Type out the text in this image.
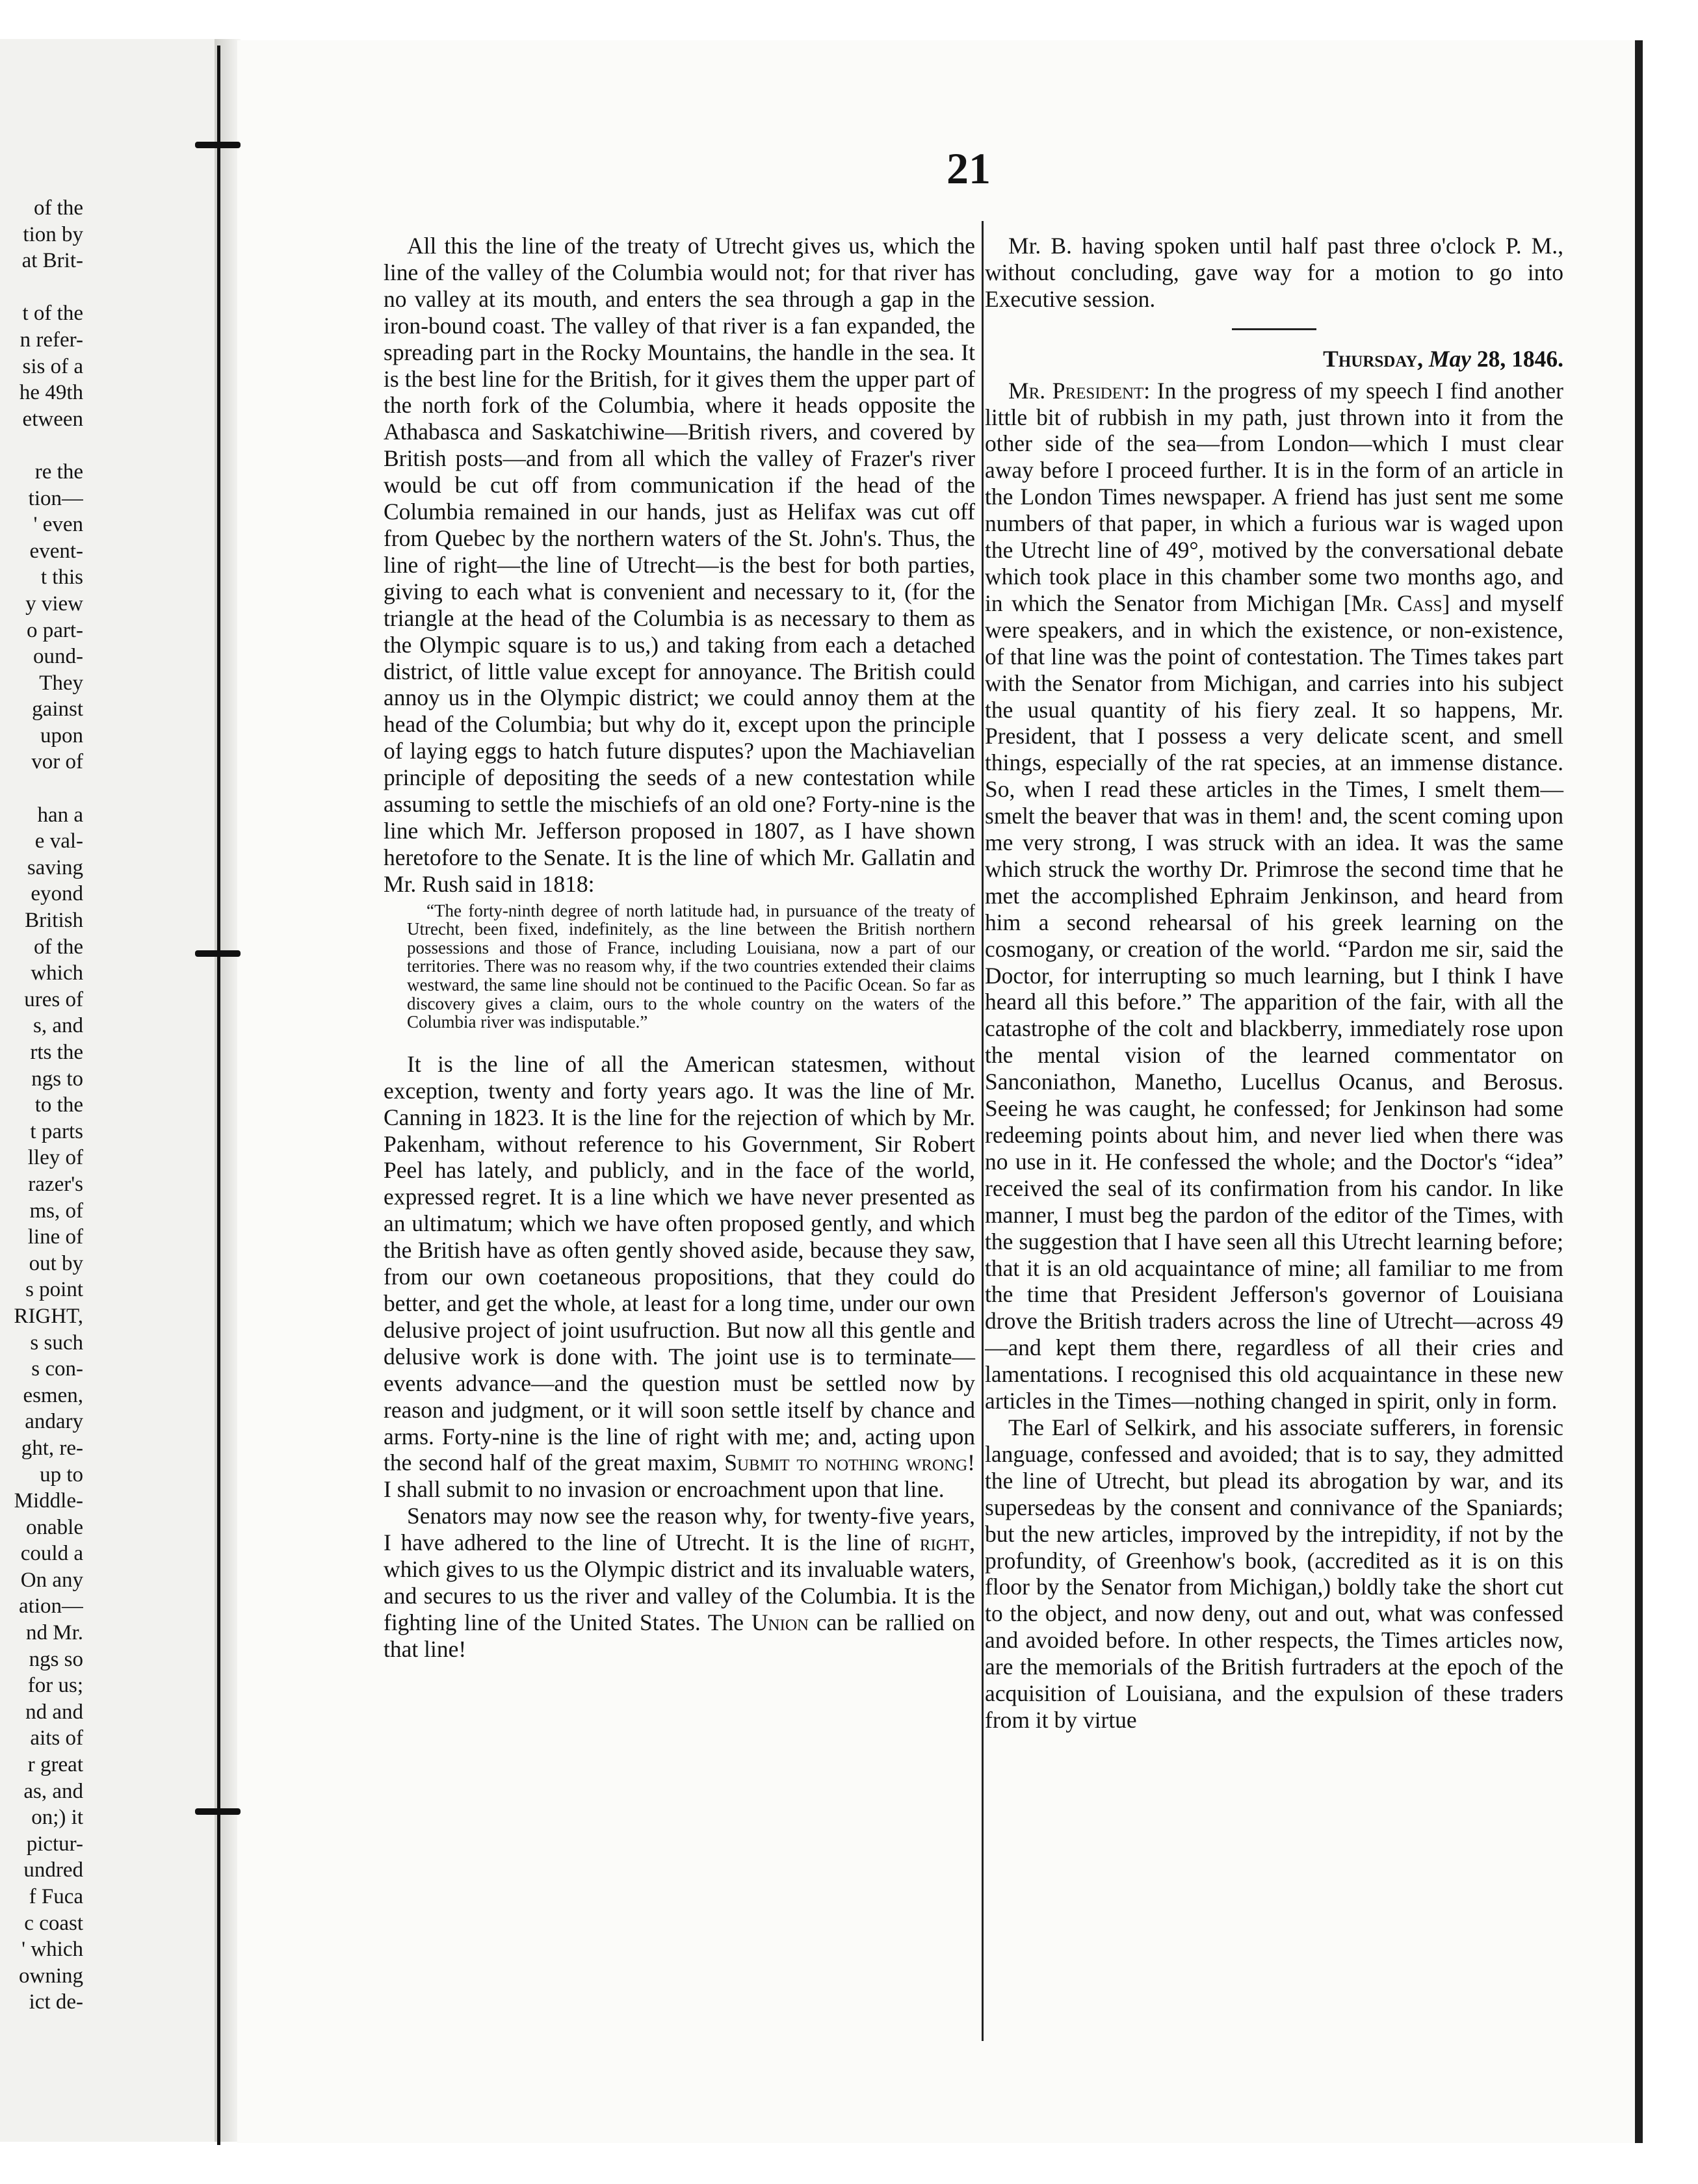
of the
tion by
at Brit-
t of the
n refer-
sis of a
he 49th
etween
re the
tion—
' even
event-
t this
y view
o part-
ound-
They
gainst
upon
vor of
han a
e val-
saving
eyond
British
of the
which
ures of
s, and
rts the
ngs to
to the
t parts
lley of
razer's
ms, of
line of
out by
s point
RIGHT,
s such
s con-
esmen,
andary
ght, re-
up to
Middle-
onable
could a
On any
ation—
nd Mr.
ngs so
for us;
nd and
aits of
r great
as, and
on;) it
pictur-
undred
f Fuca
c coast
' which
owning
ict de-
21

All this the line of the treaty of Utrecht gives us, which the line of the valley of the Columbia would not; for that river has no valley at its mouth, and enters the sea through a gap in the iron-bound coast. The valley of that river is a fan expanded, the spreading part in the Rocky Mountains, the handle in the sea. It is the best line for the British, for it gives them the upper part of the north fork of the Columbia, where it heads opposite the Athabasca and Saskatchiwine—British rivers, and covered by British posts—and from all which the valley of Frazer's river would be cut off from communication if the head of the Columbia remained in our hands, just as Helifax was cut off from Quebec by the northern waters of the St. John's. Thus, the line of right—the line of Utrecht—is the best for both parties, giving to each what is convenient and necessary to it, (for the triangle at the head of the Columbia is as necessary to them as the Olympic square is to us,) and taking from each a detached district, of little value except for annoyance. The British could annoy us in the Olympic district; we could annoy them at the head of the Columbia; but why do it, except upon the principle of laying eggs to hatch future disputes? upon the Machiavelian principle of depositing the seeds of a new contestation while assuming to settle the mischiefs of an old one? Forty-nine is the line which Mr. Jefferson proposed in 1807, as I have shown heretofore to the Senate. It is the line of which Mr. Gallatin and Mr. Rush said in 1818:

“The forty-ninth degree of north latitude had, in pursuance of the treaty of Utrecht, been fixed, indefinitely, as the line between the British northern possessions and those of France, including Louisiana, now a part of our territories. There was no reasom why, if the two countries extended their claims westward, the same line should not be continued to the Pacific Ocean. So far as discovery gives a claim, ours to the whole country on the waters of the Columbia river was indisputable.”

It is the line of all the American statesmen, without exception, twenty and forty years ago. It was the line of Mr. Canning in 1823. It is the line for the rejection of which by Mr. Pakenham, without reference to his Government, Sir Robert Peel has lately, and publicly, and in the face of the world, expressed regret. It is a line which we have never presented as an ultimatum; which we have often proposed gently, and which the British have as often gently shoved aside, because they saw, from our own coetaneous propositions, that they could do better, and get the whole, at least for a long time, under our own delusive project of joint usufruction. But now all this gentle and delusive work is done with. The joint use is to terminate—events advance—and the question must be settled now by reason and judgment, or it will soon settle itself by chance and arms. Forty-nine is the line of right with me; and, acting upon the second half of the great maxim, Submit to nothing wrong! I shall submit to no invasion or encroachment upon that line.

Senators may now see the reason why, for twenty-five years, I have adhered to the line of Utrecht. It is the line of right, which gives to us the Olympic district and its invaluable waters, and secures to us the river and valley of the Columbia. It is the fighting line of the United States. The Union can be rallied on that line!

Mr. B. having spoken until half past three o'clock P. M., without concluding, gave way for a motion to go into Executive session.

Thursday, May 28, 1846.

Mr. President: In the progress of my speech I find another little bit of rubbish in my path, just thrown into it from the other side of the sea—from London—which I must clear away before I proceed further. It is in the form of an article in the London Times newspaper. A friend has just sent me some numbers of that paper, in which a furious war is waged upon the Utrecht line of 49°, motived by the conversational debate which took place in this chamber some two months ago, and in which the Senator from Michigan [Mr. Cass] and myself were speakers, and in which the existence, or non-existence, of that line was the point of contestation. The Times takes part with the Senator from Michigan, and carries into his subject the usual quantity of his fiery zeal. It so happens, Mr. President, that I possess a very delicate scent, and smell things, especially of the rat species, at an immense distance. So, when I read these articles in the Times, I smelt them—smelt the beaver that was in them! and, the scent coming upon me very strong, I was struck with an idea. It was the same which struck the worthy Dr. Primrose the second time that he met the accomplished Ephraim Jenkinson, and heard from him a second rehearsal of his greek learning on the cosmogany, or creation of the world. “Pardon me sir, said the Doctor, for interrupting so much learning, but I think I have heard all this before.” The apparition of the fair, with all the catastrophe of the colt and blackberry, immediately rose upon the mental vision of the learned commentator on Sanconiathon, Manetho, Lucellus Ocanus, and Berosus. Seeing he was caught, he confessed; for Jenkinson had some redeeming points about him, and never lied when there was no use in it. He confessed the whole; and the Doctor's “idea” received the seal of its confirmation from his candor. In like manner, I must beg the pardon of the editor of the Times, with the suggestion that I have seen all this Utrecht learning before; that it is an old acquaintance of mine; all familiar to me from the time that President Jefferson's governor of Louisiana drove the British traders across the line of Utrecht—across 49—and kept them there, regardless of all their cries and lamentations. I recognised this old acquaintance in these new articles in the Times—nothing changed in spirit, only in form.

The Earl of Selkirk, and his associate sufferers, in forensic language, confessed and avoided; that is to say, they admitted the line of Utrecht, but plead its abrogation by war, and its supersedeas by the consent and connivance of the Spaniards; but the new articles, improved by the intrepidity, if not by the profundity, of Greenhow's book, (accredited as it is on this floor by the Senator from Michigan,) boldly take the short cut to the object, and now deny, out and out, what was confessed and avoided before. In other respects, the Times articles now, are the memorials of the British furtraders at the epoch of the acquisition of Louisiana, and the expulsion of these traders from it by virtue
